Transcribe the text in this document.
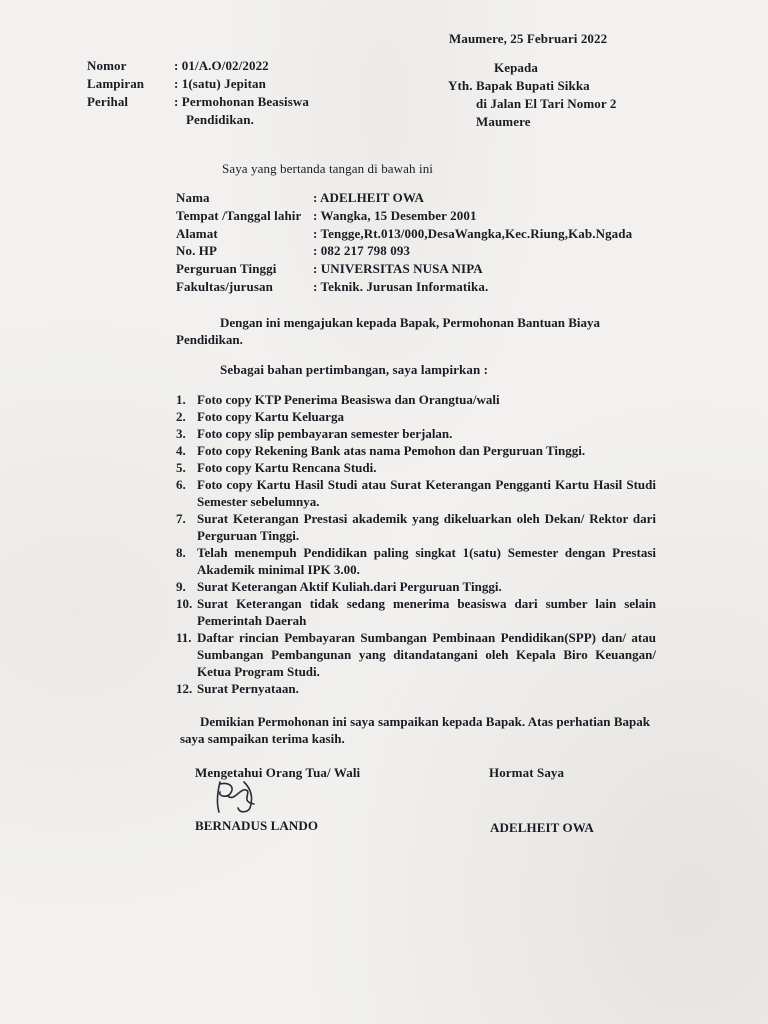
Maumere, 25 Februari 2022
Nomor	: 01/A.O/02/2022
Lampiran : 1(satu) Jepitan
Perihal	: Permohonan Beasiswa
Pendidikan.
Kepada
Yth. Bapak Bupati Sikka
di Jalan El Tari Nomor 2
Maumere
Saya yang bertanda tangan di bawah ini
Nama	: ADELHEIT OWA
Tempat /Tanggal lahir : Wangka, 15 Desember 2001
Alamat	: Tengge,Rt.013/000,DesaWangka,Kec.Riung,Kab.Ngada
No. HP	: 082 217 798 093
Perguruan Tinggi	: UNIVERSITAS NUSA NIPA
Fakultas/jurusan	: Teknik. Jurusan Informatika.
Dengan ini mengajukan kepada Bapak, Permohonan Bantuan Biaya Pendidikan.
Sebagai bahan pertimbangan, saya lampirkan :
1. Foto copy KTP Penerima Beasiswa dan Orangtua/wali
2. Foto copy Kartu Keluarga
3. Foto copy slip pembayaran semester berjalan.
4. Foto copy Rekening Bank atas nama Pemohon dan Perguruan Tinggi.
5. Foto copy Kartu Rencana Studi.
6. Foto copy Kartu Hasil Studi atau Surat Keterangan Pengganti Kartu Hasil Studi Semester sebelumnya.
7. Surat Keterangan Prestasi akademik yang dikeluarkan oleh Dekan/ Rektor dari Perguruan Tinggi.
8. Telah menempuh Pendidikan paling singkat 1(satu) Semester dengan Prestasi Akademik minimal IPK 3.00.
9. Surat Keterangan Aktif Kuliah.dari Perguruan Tinggi.
10. Surat Keterangan tidak sedang menerima beasiswa dari sumber lain selain Pemerintah Daerah
11. Daftar rincian Pembayaran Sumbangan Pembinaan Pendidikan(SPP) dan/ atau Sumbangan Pembangunan yang ditandatangani oleh Kepala Biro Keuangan/ Ketua Program Studi.
12. Surat Pernyataan.
Demikian Permohonan ini saya sampaikan kepada Bapak. Atas perhatian Bapak saya sampaikan terima kasih.
Mengetahui Orang Tua/ Wali	Hormat Saya
BERNADUS LANDO	ADELHEIT OWA
